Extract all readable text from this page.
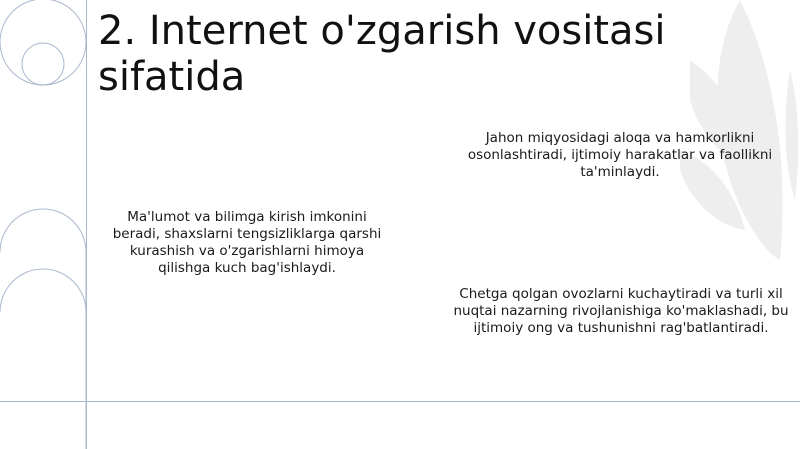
2. Internet o'zgarish vositasi sifatida

Ma'lumot va bilimga kirish imkonini beradi, shaxslarni tengsizliklarga qarshi kurashish va o'zgarishlarni himoya qilishga kuch bag'ishlaydi.

Jahon miqyosidagi aloqa va hamkorlikni osonlashtiradi, ijtimoiy harakatlar va faollikni ta'minlaydi.

Chetga qolgan ovozlarni kuchaytiradi va turli xil nuqtai nazarning rivojlanishiga ko'maklashadi, bu ijtimoiy ong va tushunishni rag'batlantiradi.
